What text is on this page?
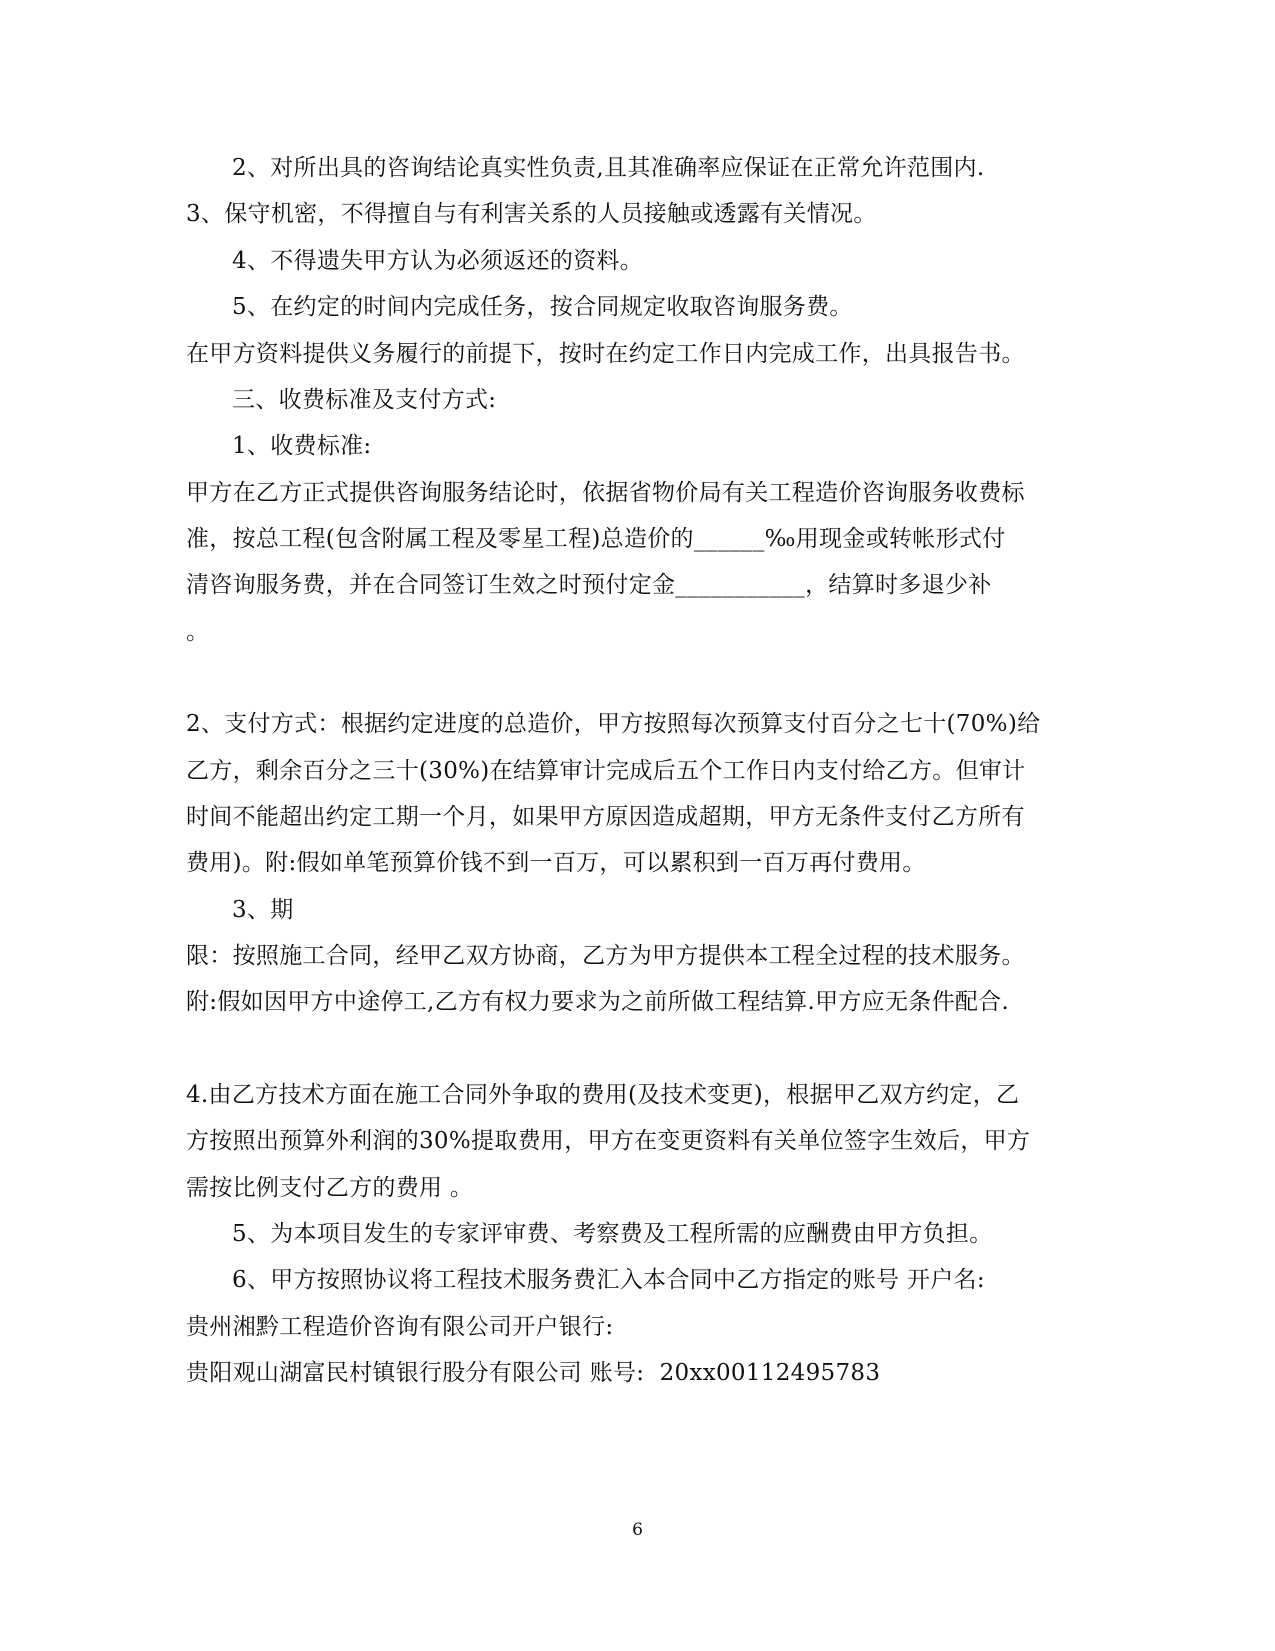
2、对所出具的咨询结论真实性负责,且其准确率应保证在正常允许范围内.
3、保守机密，不得擅自与有利害关系的人员接触或透露有关情况。
4、不得遗失甲方认为必须返还的资料。
5、在约定的时间内完成任务，按合同规定收取咨询服务费。
在甲方资料提供义务履行的前提下，按时在约定工作日内完成工作，出具报告书。
三、收费标准及支付方式:
1、收费标准:
甲方在乙方正式提供咨询服务结论时，依据省物价局有关工程造价咨询服务收费标
准，按总工程(包含附属工程及零星工程)总造价的______‰用现金或转帐形式付
清咨询服务费，并在合同签订生效之时预付定金___________，结算时多退少补
。
2、支付方式：根据约定进度的总造价，甲方按照每次预算支付百分之七十(70%)给
乙方，剩余百分之三十(30%)在结算审计完成后五个工作日内支付给乙方。但审计
时间不能超出约定工期一个月，如果甲方原因造成超期，甲方无条件支付乙方所有
费用)。附:假如单笔预算价钱不到一百万，可以累积到一百万再付费用。
3、期
限：按照施工合同，经甲乙双方协商，乙方为甲方提供本工程全过程的技术服务。
附:假如因甲方中途停工,乙方有权力要求为之前所做工程结算.甲方应无条件配合.
4.由乙方技术方面在施工合同外争取的费用(及技术变更)，根据甲乙双方约定，乙
方按照出预算外利润的30%提取费用，甲方在变更资料有关单位签字生效后，甲方
需按比例支付乙方的费用 。
5、为本项目发生的专家评审费、考察费及工程所需的应酬费由甲方负担。
6、甲方按照协议将工程技术服务费汇入本合同中乙方指定的账号 开户名:
贵州湘黔工程造价咨询有限公司开户银行:
贵阳观山湖富民村镇银行股分有限公司 账号:  20xx00112495783
6
